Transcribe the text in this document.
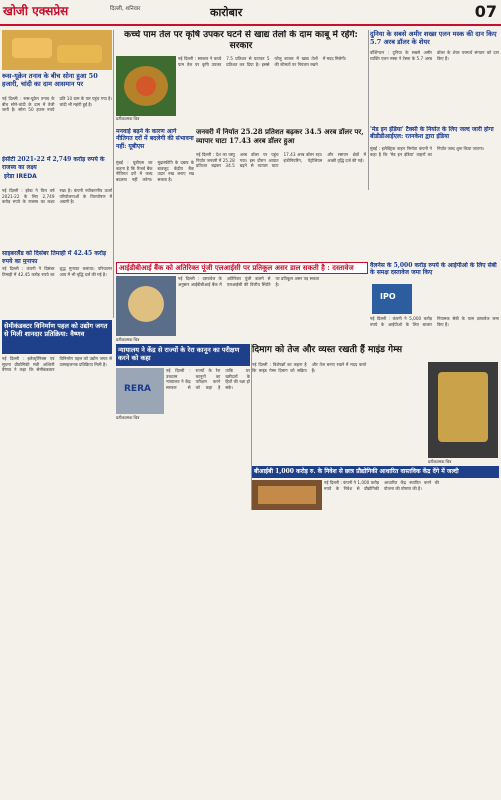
खोजी एक्सप्रेस	दिल्ली, शनिवार	कारोबार	07
रूस-यूक्रेन तनाव के बीच सोना हुआ 50 हजारी, चांदी का दाम आसमान पर
नई दिल्ली : रूस-यूक्रेन तनाव के बीच सोने-चांदी के दाम में तेजी जारी है। सोना 50 हजार रुपये प्रति 10 ग्राम के पार पहुंच गया है। चांदी भी महंगी हुई है।
ईसीटी 2021-22 में 2,749 करोड़ रुपये के राजस्व का लक्ष्य
इरेडा IREDA
नई दिल्ली : इरेडा ने वित्त वर्ष 2021-22 के लिए 2,749 करोड़ रुपये के राजस्व का लक्ष्य रखा है। कंपनी नवीकरणीय ऊर्जा परियोजनाओं के वित्तपोषण में अग्रणी है।
साइबरलैंड को दिसंबर तिमाही में 42.45 करोड़ रुपये का मुनाफा
नई दिल्ली : कंपनी ने दिसंबर तिमाही में 42.45 करोड़ रुपये का शुद्ध मुनाफा कमाया। परिचालन आय में भी वृद्धि दर्ज की गई है।
कच्चे पाम तेल पर कृषि उपकर घटने से खाद्य तेलों के दाम काबू में रहेंगे: सरकार
प्रतीकात्मक चित्र
नई दिल्ली : सरकार ने कच्चे पाम तेल पर कृषि उपकर 7.5 प्रतिशत से घटाकर 5 प्रतिशत कर दिया है। इससे घरेलू बाजार में खाद्य तेलों की कीमतों पर नियंत्रण रखने में मदद मिलेगी।
दुनिया के सबसे अमीर शख्स एलन मस्क की दान किए 5.7 अरब डॉलर के शेयर
वॉशिंगटन : दुनिया के सबसे अमीर व्यक्ति एलन मस्क ने टेस्ला के 5.7 अरब डॉलर के शेयर परमार्थ संगठन को दान किए हैं।
मनवाई बढ़ने के कारण आगे नीतिगत दरों में बदलेगी की संभावना नहीं: यूबीएस
मुंबई : यूबीएस का कहना है कि रिजर्व बैंक नीतिगत दरों में जल्द बदलाव नहीं करेगा। मुद्रास्फीति के दबाव के बावजूद केंद्रीय बैंक उदार रुख बनाए रख सकता है।
जनवरी में निर्यात 25.28 प्रतिशत बढ़कर 34.5 अरब डॉलर पर, व्यापार घाटा 17.43 अरब डॉलर हुआ
नई दिल्ली : देश का वस्तु निर्यात जनवरी में 25.28 प्रतिशत बढ़कर 34.5 अरब डॉलर पर पहुंच गया। इस दौरान आयात बढ़ने से व्यापार घाटा 17.43 अरब डॉलर रहा। इंजीनियरिंग, पेट्रोलियम और रसायन क्षेत्रों में अच्छी वृद्धि दर्ज की गई।
'मेड इन इंडिया' टैक्सी के निर्यात के लिए जल्द जारी होगा बीडीडीआईएल: रतनकेश द्वारा इंडिया
मुंबई : इलेक्ट्रिक वाहन निर्माता कंपनी ने कहा है कि 'मेड इन इंडिया' वाहनों का निर्यात जल्द शुरू किया जाएगा।
सेमीकंडक्टर विनिर्माण पहल को उद्योग जगत से मिली शानदार प्रतिक्रिया: वैष्णव
नई दिल्ली : इलेक्ट्रॉनिक्स एवं सूचना प्रौद्योगिकी मंत्री अश्विनी वैष्णव ने कहा कि सेमीकंडक्टर विनिर्माण पहल को उद्योग जगत से उत्साहजनक प्रतिक्रिया मिली है।
आईडीबीआई बैंक को अतिरिक्त पूंजी एलआईसी पर प्रतिकूल असर डाल सकती है : दस्तावेज
प्रतीकात्मक चित्र
नई दिल्ली : दस्तावेज के अनुसार आईडीबीआई बैंक में अतिरिक्त पूंजी डालने से एलआईसी की वित्तीय स्थिति पर प्रतिकूल असर पड़ सकता है।
वैलनेस के 5,000 करोड़ रुपये के आईपीओ के लिए सेबी के समक्ष दस्तावेज जमा किए
IPO
नई दिल्ली : कंपनी ने 5,000 करोड़ रुपये के आईपीओ के लिए बाजार नियामक सेबी के पास दस्तावेज जमा किए हैं।
न्यायालय ने केंद्र से राज्यों के रेरा कानून का परीक्षण करने को कहा
RERA
प्रतीकात्मक चित्र
नई दिल्ली : उच्चतम न्यायालय ने केंद्र सरकार से राज्यों के रेरा कानूनों का परीक्षण करने को कहा है ताकि घर खरीदारों के हितों की रक्षा हो सके।
दिमाग को तेज और व्यस्त रखती हैं माइंड गेम्स
नई दिल्ली : विशेषज्ञों का कहना है कि माइंड गेम्स दिमाग को सक्रिय और तेज बनाए रखने में मदद करते हैं।
प्रतीकात्मक चित्र
बीआईबी 1,000 करोड़ रु. के निवेश से छात्र प्रौद्योगिकी आधारित वास्तविक केंद्र देंगे में जल्दी
नई दिल्ली : कंपनी ने 1,000 करोड़ रुपये के निवेश से प्रौद्योगिकी आधारित केंद्र स्थापित करने की योजना की घोषणा की है।
